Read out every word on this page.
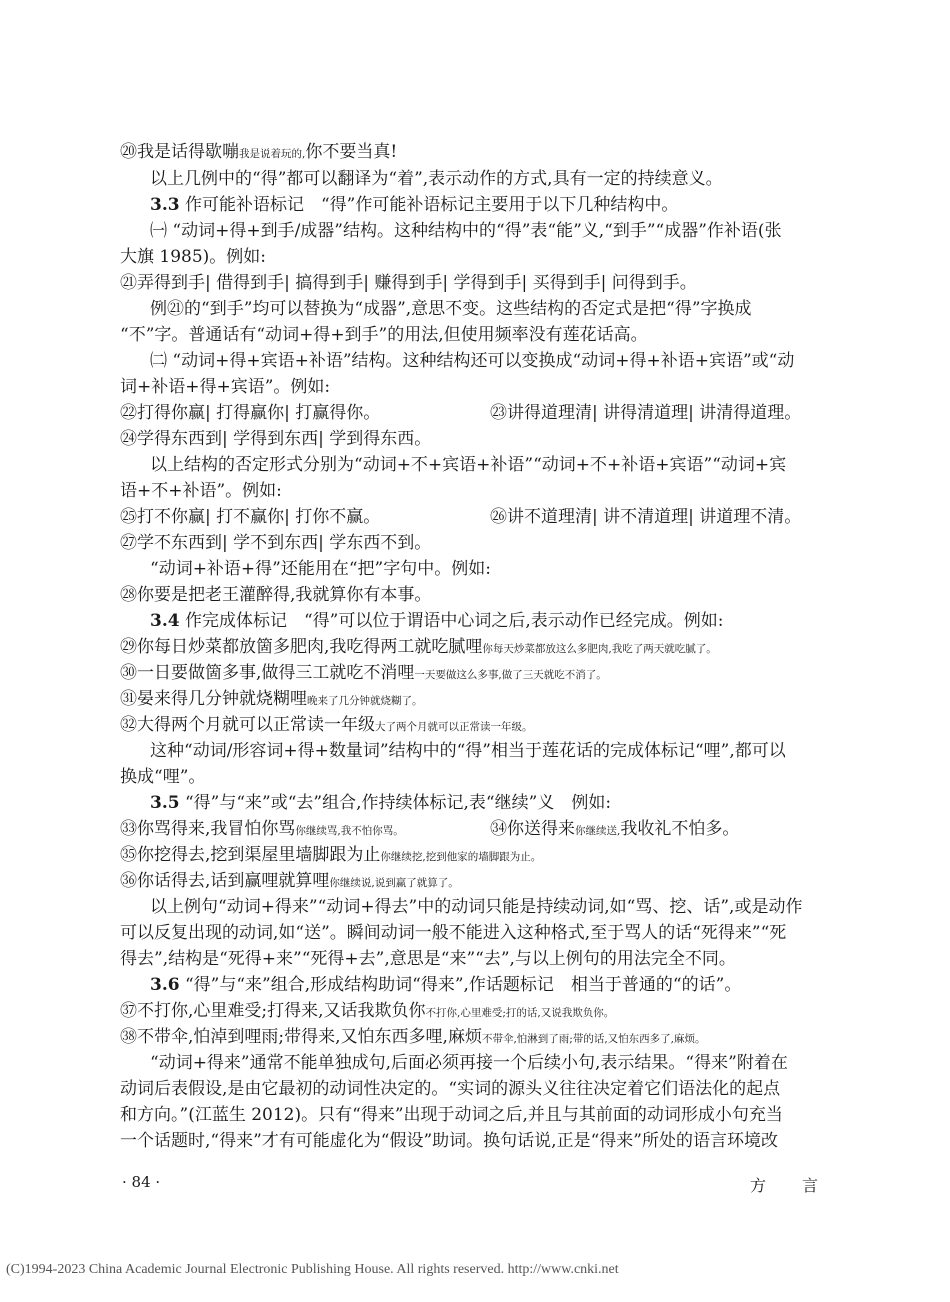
⑳我是话得歇嘣我是说着玩的,你不要当真!
以上几例中的“得”都可以翻译为“着”,表示动作的方式,具有一定的持续意义。
3.3 作可能补语标记　“得”作可能补语标记主要用于以下几种结构中。
㈠ “动词+得+到手/成器”结构。这种结构中的“得”表“能”义,“到手”“成器”作补语(张
大旗 1985)。例如:
㉑弄得到手| 借得到手| 搞得到手| 赚得到手| 学得到手| 买得到手| 问得到手。
例㉑的“到手”均可以替换为“成器”,意思不变。这些结构的否定式是把“得”字换成
“不”字。普通话有“动词+得+到手”的用法,但使用频率没有莲花话高。
㈡ “动词+得+宾语+补语”结构。这种结构还可以变换成“动词+得+补语+宾语”或“动
词+补语+得+宾语”。例如:
㉒打得你赢| 打得赢你| 打赢得你。	㉓讲得道理清| 讲得清道理| 讲清得道理。
㉔学得东西到| 学得到东西| 学到得东西。
以上结构的否定形式分别为“动词+不+宾语+补语”“动词+不+补语+宾语”“动词+宾
语+不+补语”。例如:
㉕打不你赢| 打不赢你| 打你不赢。	㉖讲不道理清| 讲不清道理| 讲道理不清。
㉗学不东西到| 学不到东西| 学东西不到。
“动词+补语+得”还能用在“把”字句中。例如:
㉘你要是把老王灌醉得,我就算你有本事。
3.4 作完成体标记　“得”可以位于谓语中心词之后,表示动作已经完成。例如:
㉙你每日炒菜都放箇多肥肉,我吃得两工就吃腻哩你每天炒菜都放这么多肥肉,我吃了两天就吃腻了。
㉚一日要做箇多事,做得三工就吃不消哩一天要做这么多事,做了三天就吃不消了。
㉛晏来得几分钟就烧糊哩晚来了几分钟就烧糊了。
㉜大得两个月就可以正常读一年级大了两个月就可以正常读一年级。
这种“动词/形容词+得+数量词”结构中的“得”相当于莲花话的完成体标记“哩”,都可以
换成“哩”。
3.5 “得”与“来”或“去”组合,作持续体标记,表“继续”义　例如:
㉝你骂得来,我冒怕你骂你继续骂,我不怕你骂。	㉞你送得来你继续送,我收礼不怕多。
㉟你挖得去,挖到渠屋里墙脚跟为止你继续挖,挖到他家的墙脚跟为止。
㊱你话得去,话到赢哩就算哩你继续说,说到赢了就算了。
以上例句“动词+得来”“动词+得去”中的动词只能是持续动词,如“骂、挖、话”,或是动作
可以反复出现的动词,如“送”。瞬间动词一般不能进入这种格式,至于骂人的话“死得来”“死
得去”,结构是“死得+来”“死得+去”,意思是“来”“去”,与以上例句的用法完全不同。
3.6 “得”与“来”组合,形成结构助词“得来”,作话题标记　相当于普通的“的话”。
㊲不打你,心里难受;打得来,又话我欺负你不打你,心里难受;打的话,又说我欺负你。
㊳不带伞,怕淖到哩雨;带得来,又怕东西多哩,麻烦不带伞,怕淋到了雨;带的话,又怕东西多了,麻烦。
“动词+得来”通常不能单独成句,后面必须再接一个后续小句,表示结果。“得来”附着在
动词后表假设,是由它最初的动词性决定的。“实词的源头义往往决定着它们语法化的起点
和方向。”(江蓝生 2012)。只有“得来”出现于动词之后,并且与其前面的动词形成小句充当
一个话题时,“得来”才有可能虚化为“假设”助词。换句话说,正是“得来”所处的语言环境改
· 84 ·	方言
(C)1994-2023 China Academic Journal Electronic Publishing House. All rights reserved. http://www.cnki.net
